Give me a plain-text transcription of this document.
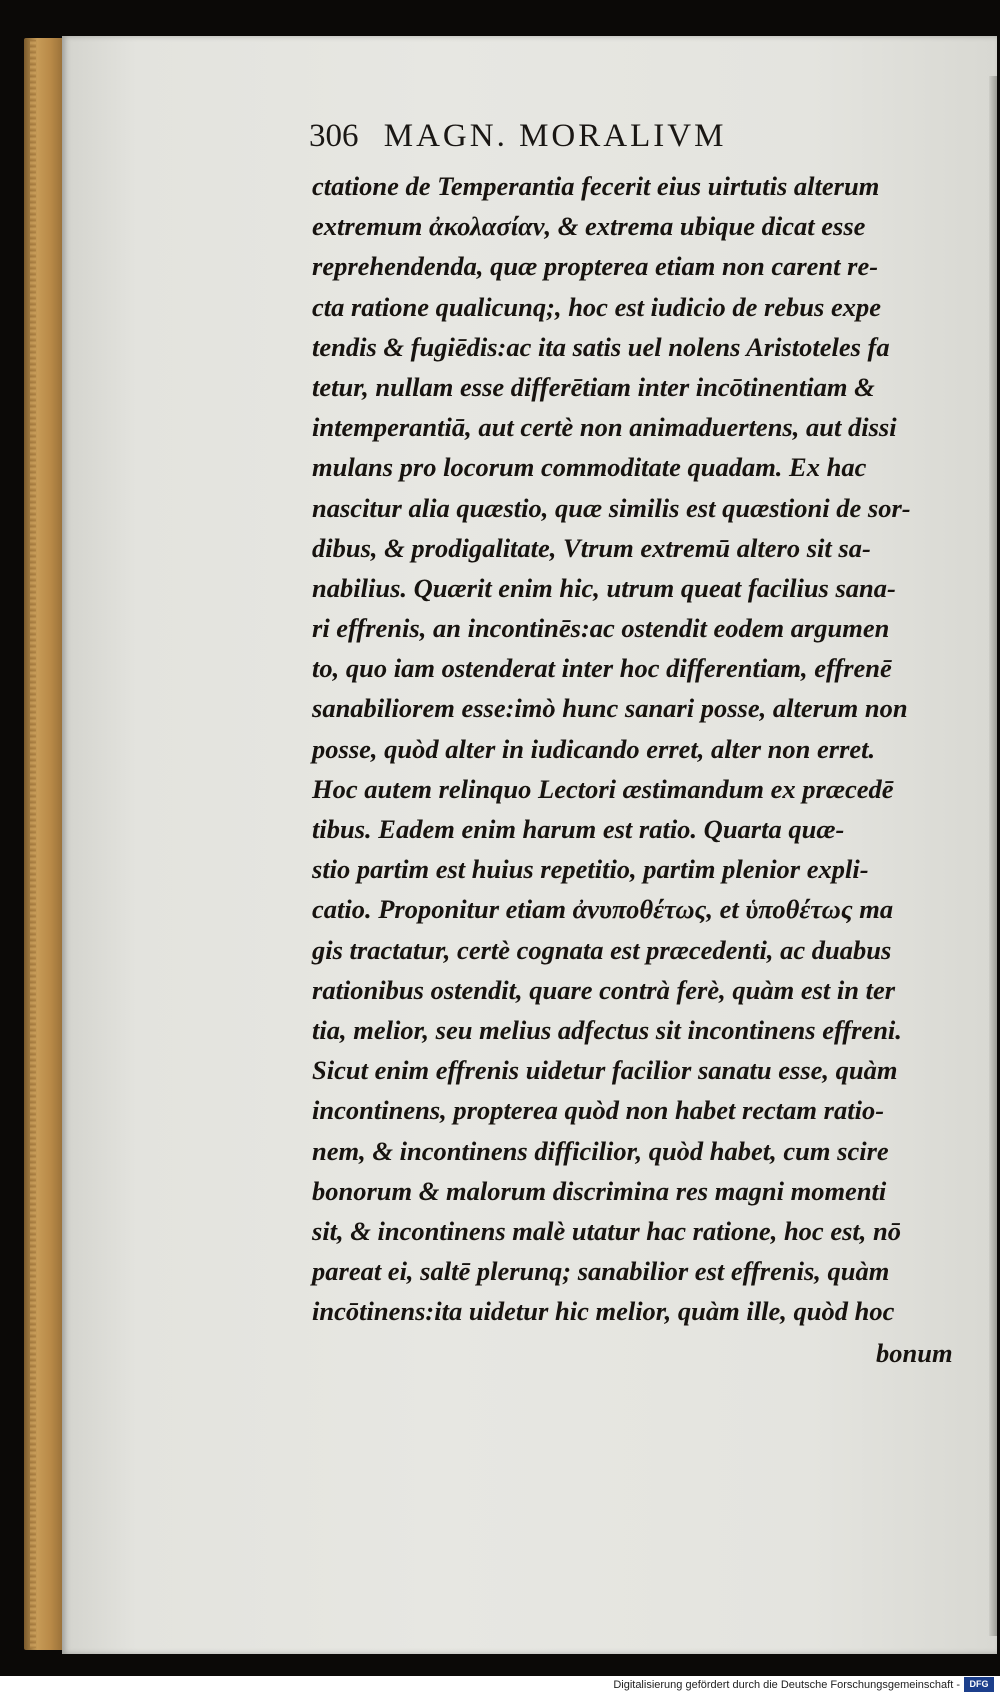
306 MAGN. MORALIVM
ctatione de Temperantia fecerit eius uirtutis alterum
extremum ἀκολασίαν, & extrema ubique dicat esse
reprehendenda, quæ propterea etiam non carent re-
cta ratione qualicunq;, hoc est iudicio de rebus expe
tendis & fugiēdis:ac ita satis uel nolens Aristoteles fa
tetur, nullam esse differētiam inter incōtinentiam &
intemperantiā, aut certè non animaduertens, aut dissi
mulans pro locorum commoditate quadam. Ex hac
nascitur alia quæstio, quæ similis est quæstioni de sor-
dibus, & prodigalitate, Vtrum extremū altero sit sa-
nabilius. Quærit enim hic, utrum queat facilius sana-
ri effrenis, an incontinēs:ac ostendit eodem argumen
to, quo iam ostenderat inter hoc differentiam, effrenē
sanabiliorem esse:imò hunc sanari posse, alterum non
posse, quòd alter in iudicando erret, alter non erret.
Hoc autem relinquo Lectori æstimandum ex præcedē
tibus. Eadem enim harum est ratio. Quarta quæ-
stio partim est huius repetitio, partim plenior expli-
catio. Proponitur etiam ἀνυποθέτως, et ὑποθέτως ma
gis tractatur, certè cognata est præcedenti, ac duabus
rationibus ostendit, quare contrà ferè, quàm est in ter
tia, melior, seu melius adfectus sit incontinens effreni.
Sicut enim effrenis uidetur facilior sanatu esse, quàm
incontinens, propterea quòd non habet rectam ratio-
nem, & incontinens difficilior, quòd habet, cum scire
bonorum & malorum discrimina res magni momenti
sit, & incontinens malè utatur hac ratione, hoc est, nō
pareat ei, saltē plerunq; sanabilior est effrenis, quàm
incōtinens:ita uidetur hic melior, quàm ille, quòd hoc
bonum
Digitalisierung gefördert durch die Deutsche Forschungsgemeinschaft -	DFG
